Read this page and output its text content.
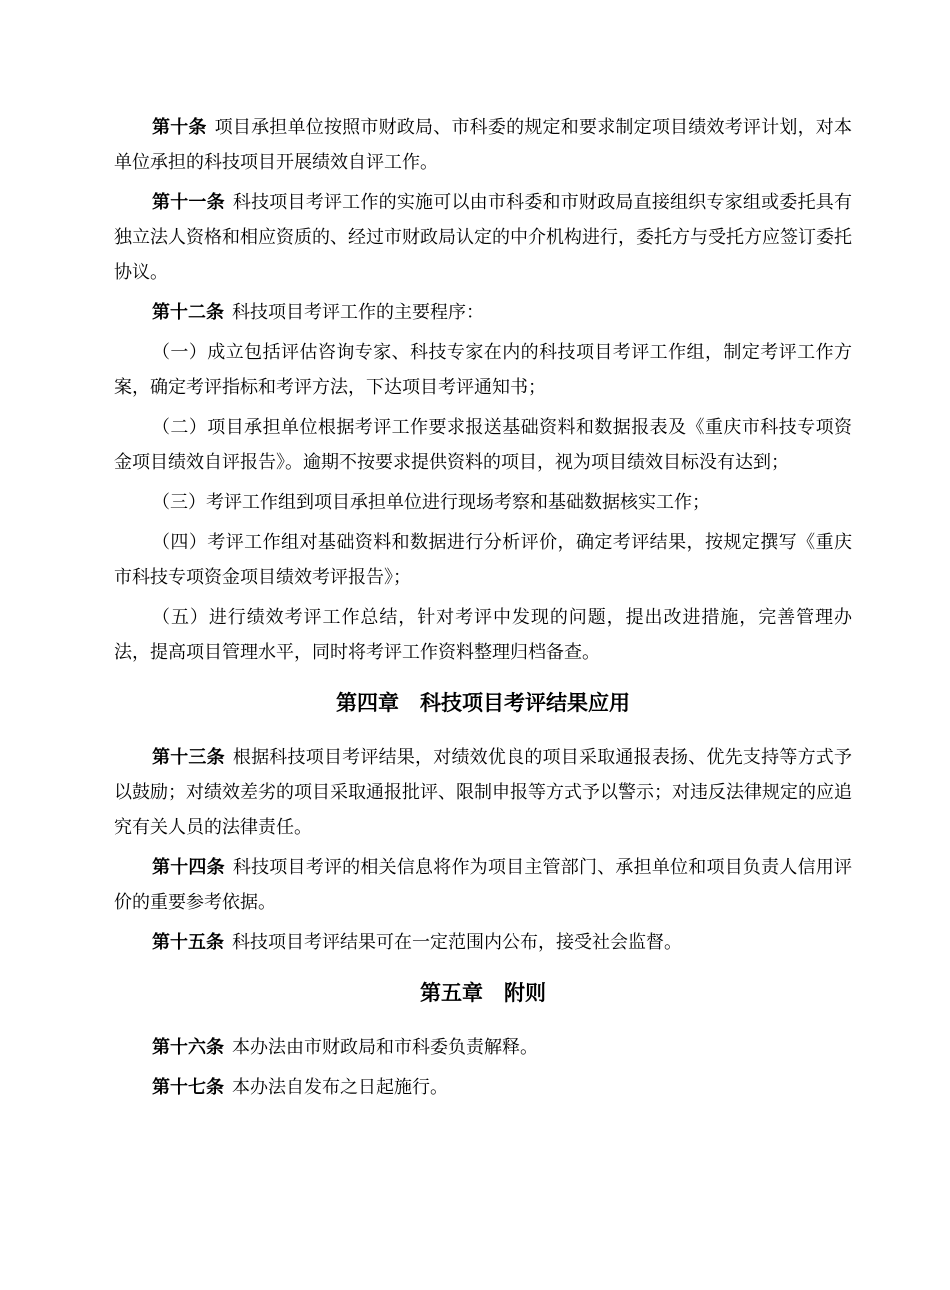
第十条 项目承担单位按照市财政局、市科委的规定和要求制定项目绩效考评计划，对本单位承担的科技项目开展绩效自评工作。

第十一条 科技项目考评工作的实施可以由市科委和市财政局直接组织专家组或委托具有独立法人资格和相应资质的、经过市财政局认定的中介机构进行，委托方与受托方应签订委托协议。

第十二条 科技项目考评工作的主要程序：

（一）成立包括评估咨询专家、科技专家在内的科技项目考评工作组，制定考评工作方案，确定考评指标和考评方法，下达项目考评通知书；

（二）项目承担单位根据考评工作要求报送基础资料和数据报表及《重庆市科技专项资金项目绩效自评报告》。逾期不按要求提供资料的项目，视为项目绩效目标没有达到；

（三）考评工作组到项目承担单位进行现场考察和基础数据核实工作；

（四）考评工作组对基础资料和数据进行分析评价，确定考评结果，按规定撰写《重庆市科技专项资金项目绩效考评报告》；

（五）进行绩效考评工作总结，针对考评中发现的问题，提出改进措施，完善管理办法，提高项目管理水平，同时将考评工作资料整理归档备查。

第四章　科技项目考评结果应用

第十三条 根据科技项目考评结果，对绩效优良的项目采取通报表扬、优先支持等方式予以鼓励；对绩效差劣的项目采取通报批评、限制申报等方式予以警示；对违反法律规定的应追究有关人员的法律责任。

第十四条 科技项目考评的相关信息将作为项目主管部门、承担单位和项目负责人信用评价的重要参考依据。

第十五条 科技项目考评结果可在一定范围内公布，接受社会监督。

第五章　附则

第十六条 本办法由市财政局和市科委负责解释。

第十七条 本办法自发布之日起施行。
